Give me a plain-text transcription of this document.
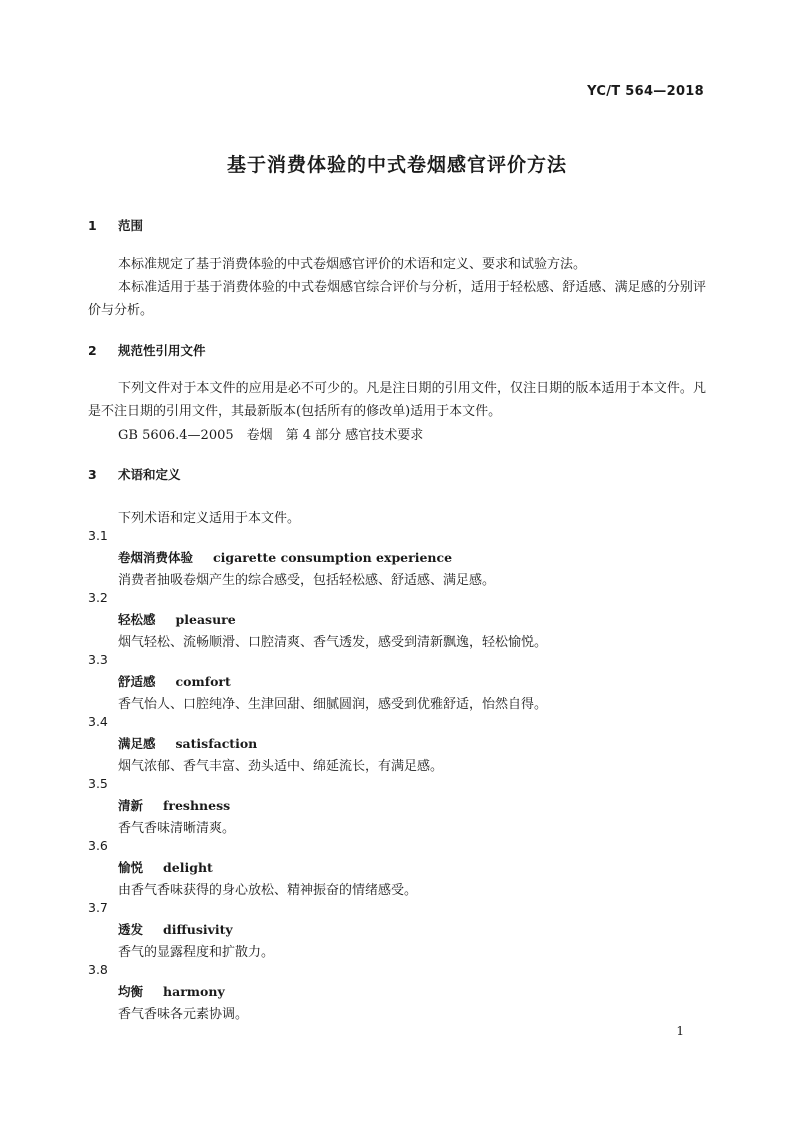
YC/T 564—2018
基于消费体验的中式卷烟感官评价方法
1 范围

本标准规定了基于消费体验的中式卷烟感官评价的术语和定义、要求和试验方法。

本标准适用于基于消费体验的中式卷烟感官综合评价与分析，适用于轻松感、舒适感、满足感的分别评价与分析。

2 规范性引用文件

下列文件对于本文件的应用是必不可少的。凡是注日期的引用文件，仅注日期的版本适用于本文件。凡是不注日期的引用文件，其最新版本(包括所有的修改单)适用于本文件。

GB 5606.4—2005　卷烟　第 4 部分 感官技术要求
3 术语和定义
下列术语和定义适用于本文件。
3.1
卷烟消费体验 cigarette consumption experience
消费者抽吸卷烟产生的综合感受，包括轻松感、舒适感、满足感。
3.2
轻松感 pleasure
烟气轻松、流畅顺滑、口腔清爽、香气透发，感受到清新飘逸，轻松愉悦。
3.3
舒适感 comfort
香气怡人、口腔纯净、生津回甜、细腻圆润，感受到优雅舒适，怡然自得。
3.4
满足感 satisfaction
烟气浓郁、香气丰富、劲头适中、绵延流长，有满足感。
3.5
清新 freshness
香气香味清晰清爽。
3.6
愉悦 delight
由香气香味获得的身心放松、精神振奋的情绪感受。
3.7
透发 diffusivity
香气的显露程度和扩散力。
3.8
均衡 harmony
香气香味各元素协调。
1
